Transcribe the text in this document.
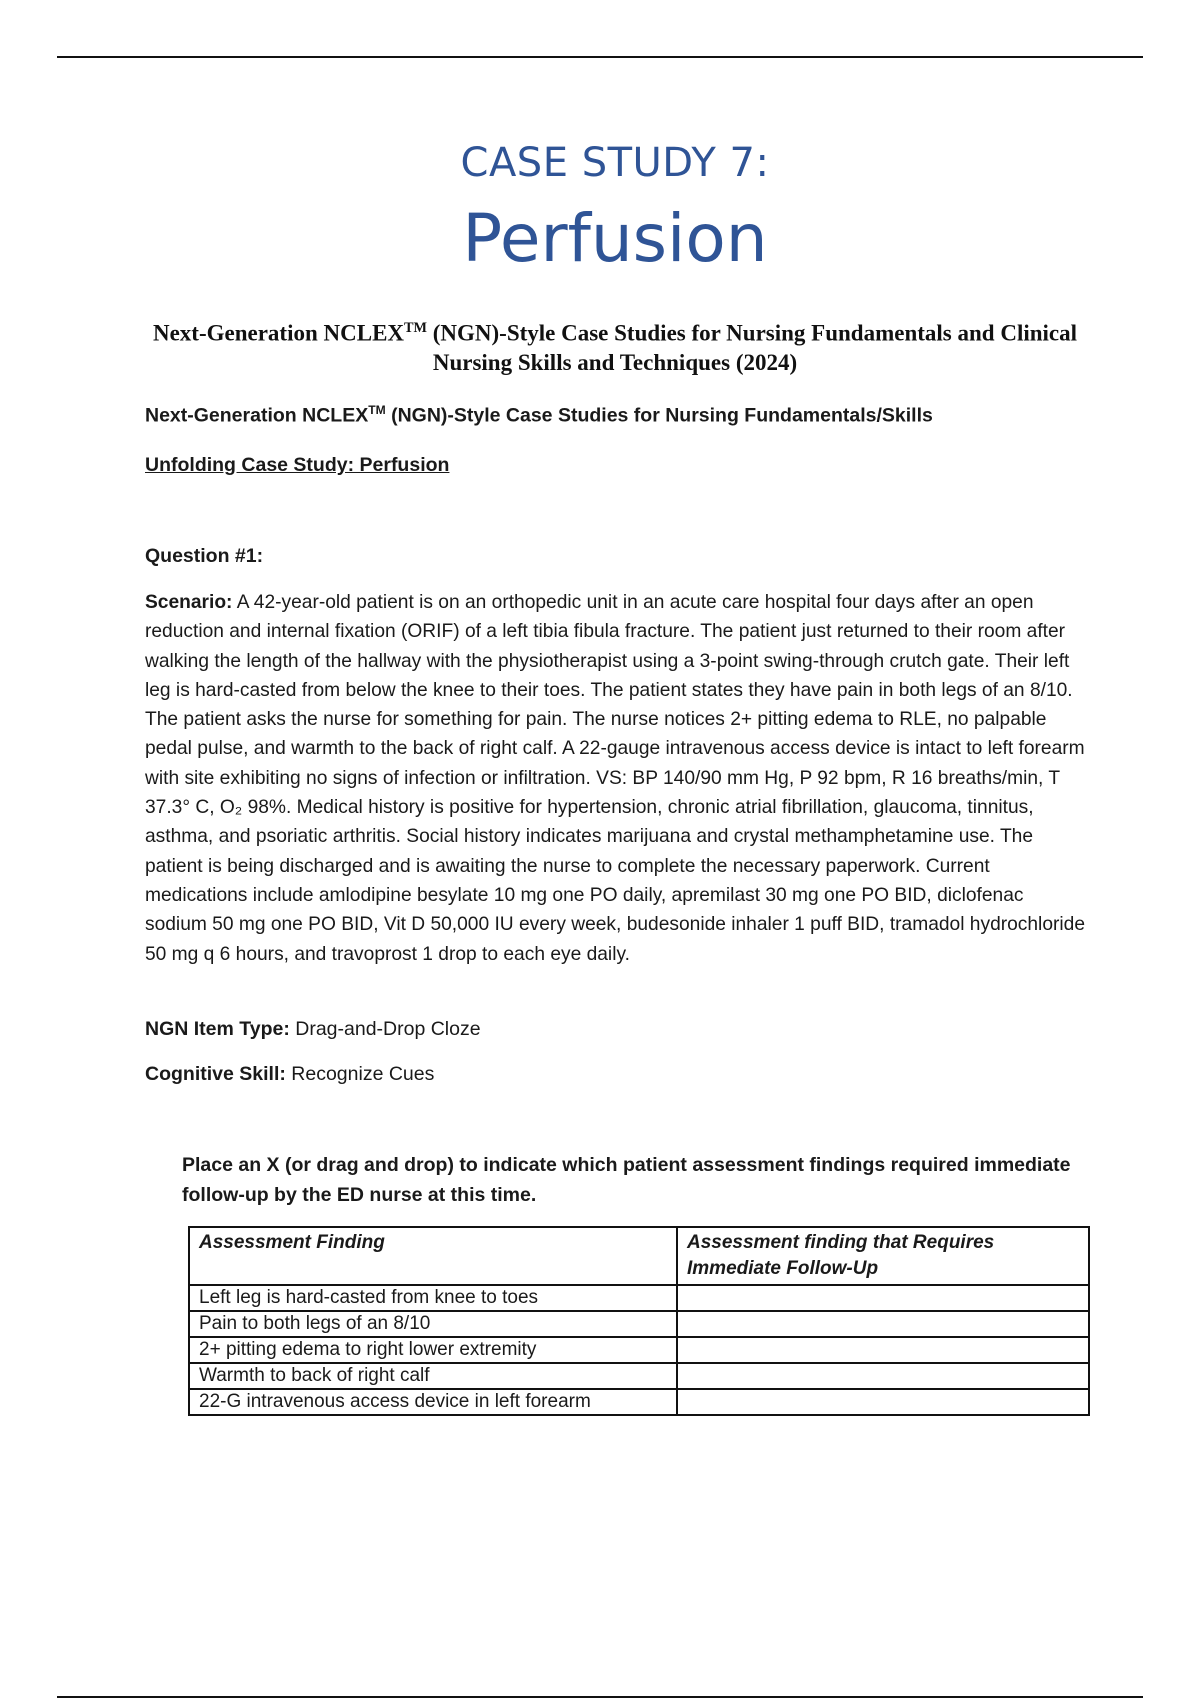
CASE STUDY 7:
Perfusion
Next-Generation NCLEX™ (NGN)-Style Case Studies for Nursing Fundamentals and Clinical Nursing Skills and Techniques (2024)
Next-Generation NCLEX™ (NGN)-Style Case Studies for Nursing Fundamentals/Skills
Unfolding Case Study: Perfusion
Question #1:
Scenario: A 42-year-old patient is on an orthopedic unit in an acute care hospital four days after an open reduction and internal fixation (ORIF) of a left tibia fibula fracture. The patient just returned to their room after walking the length of the hallway with the physiotherapist using a 3-point swing-through crutch gate. Their left leg is hard-casted from below the knee to their toes. The patient states they have pain in both legs of an 8/10. The patient asks the nurse for something for pain. The nurse notices 2+ pitting edema to RLE, no palpable pedal pulse, and warmth to the back of right calf. A 22-gauge intravenous access device is intact to left forearm with site exhibiting no signs of infection or infiltration. VS: BP 140/90 mm Hg, P 92 bpm, R 16 breaths/min, T 37.3° C, O₂ 98%. Medical history is positive for hypertension, chronic atrial fibrillation, glaucoma, tinnitus, asthma, and psoriatic arthritis. Social history indicates marijuana and crystal methamphetamine use. The patient is being discharged and is awaiting the nurse to complete the necessary paperwork. Current medications include amlodipine besylate 10 mg one PO daily, apremilast 30 mg one PO BID, diclofenac sodium 50 mg one PO BID, Vit D 50,000 IU every week, budesonide inhaler 1 puff BID, tramadol hydrochloride 50 mg q 6 hours, and travoprost 1 drop to each eye daily.
NGN Item Type: Drag-and-Drop Cloze
Cognitive Skill: Recognize Cues
Place an X (or drag and drop) to indicate which patient assessment findings required immediate follow-up by the ED nurse at this time.
Assessment Finding	Assessment finding that Requires Immediate Follow-Up
Left leg is hard-casted from knee to toes	
Pain to both legs of an 8/10	
2+ pitting edema to right lower extremity	
Warmth to back of right calf	
22-G intravenous access device in left forearm	
